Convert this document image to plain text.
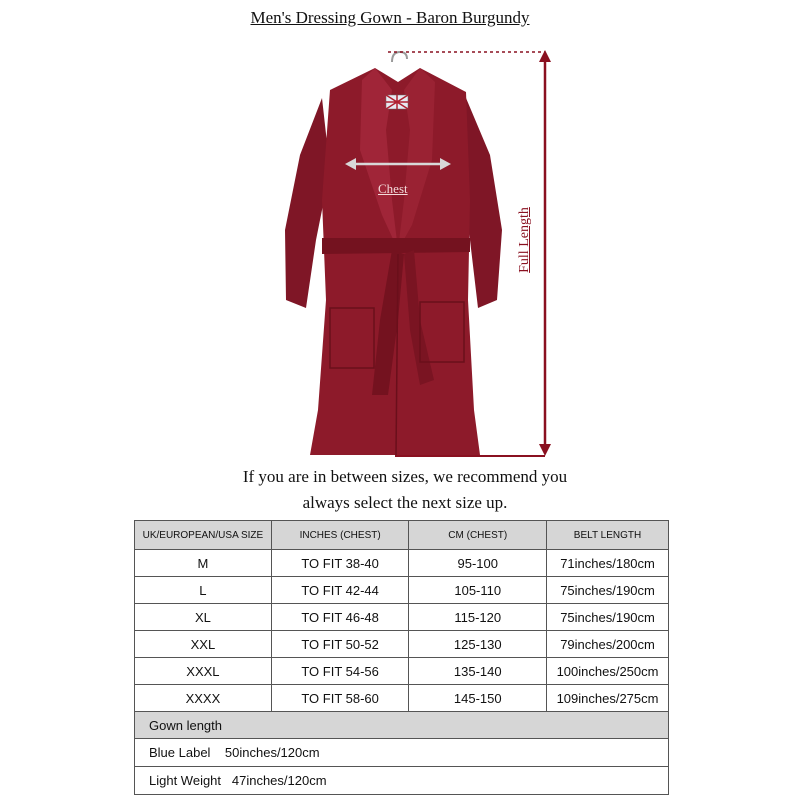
Men's Dressing Gown - Baron Burgundy
Chest
Full Length
If you are in between sizes, we recommend you
always select the next size up.
UK/EUROPEAN/USA SIZE	INCHES (CHEST)	CM (CHEST)	BELT LENGTH
M	TO FIT 38-40	95-100	71inches/180cm
L	TO FIT 42-44	105-110	75inches/190cm
XL	TO FIT 46-48	115-120	75inches/190cm
XXL	TO FIT 50-52	125-130	79inches/200cm
XXXL	TO FIT 54-56	135-140	100inches/250cm
XXXX	TO FIT 58-60	145-150	109inches/275cm
Gown length			
Blue Label 50inches/120cm			
Light Weight 47inches/120cm			
